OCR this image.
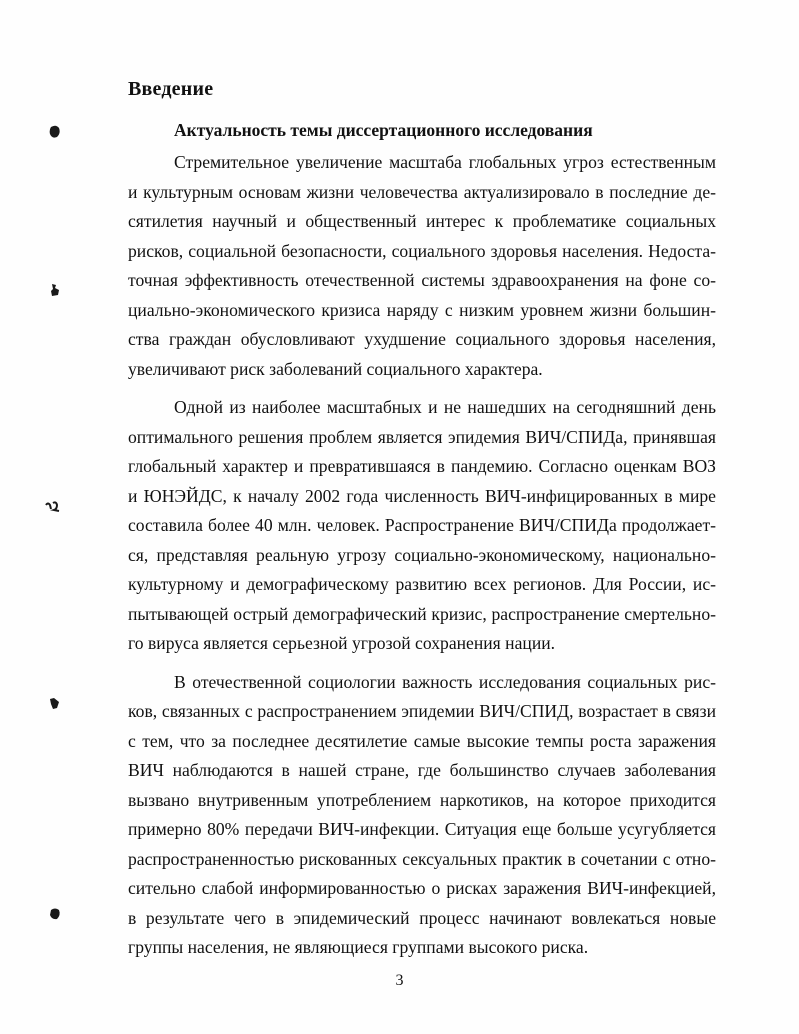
Введение
Актуальность темы диссертационного исследования

Стремительное увеличение масштаба глобальных угроз естественным и культурным основам жизни человечества актуализировало в последние десятилетия научный и общественный интерес к проблематике социальных рисков, социальной безопасности, социального здоровья населения. Недостаточная эффективность отечественной системы здравоохранения на фоне социально-экономического кризиса наряду с низким уровнем жизни большинства граждан обусловливают ухудшение социального здоровья населения, увеличивают риск заболеваний социального характера.

Одной из наиболее масштабных и не нашедших на сегодняшний день оптимального решения проблем является эпидемия ВИЧ/СПИДа, принявшая глобальный характер и превратившаяся в пандемию. Согласно оценкам ВОЗ и ЮНЭЙДС, к началу 2002 года численность ВИЧ-инфицированных в мире составила более 40 млн. человек. Распространение ВИЧ/СПИДа продолжается, представляя реальную угрозу социально-экономическому, национально-культурному и демографическому развитию всех регионов. Для России, испытывающей острый демографический кризис, распространение смертельного вируса является серьезной угрозой сохранения нации.

В отечественной социологии важность исследования социальных рисков, связанных с распространением эпидемии ВИЧ/СПИД, возрастает в связи с тем, что за последнее десятилетие самые высокие темпы роста заражения ВИЧ наблюдаются в нашей стране, где большинство случаев заболевания вызвано внутривенным употреблением наркотиков, на которое приходится примерно 80% передачи ВИЧ-инфекции. Ситуация еще больше усугубляется распространенностью рискованных сексуальных практик в сочетании с относительно слабой информированностью о рисках заражения ВИЧ-инфекцией, в результате чего в эпидемический процесс начинают вовлекаться новые группы населения, не являющиеся группами высокого риска.

3
